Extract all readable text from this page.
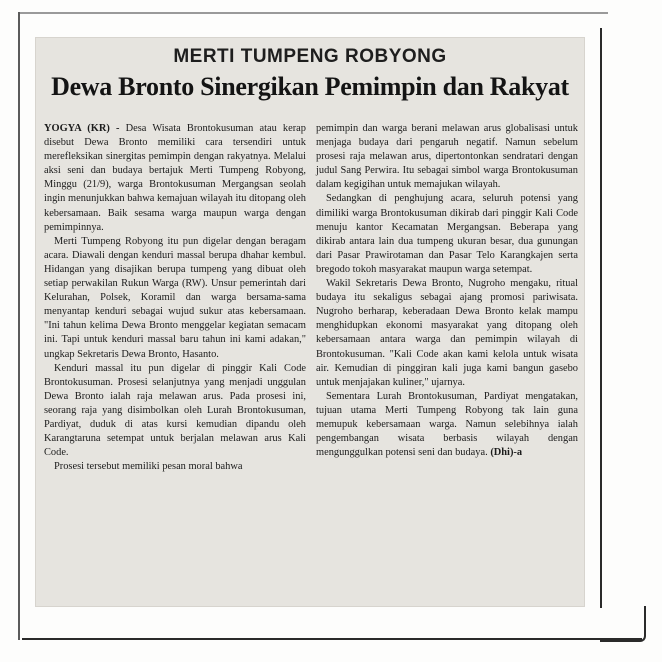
MERTI TUMPENG ROBYONG
Dewa Bronto Sinergikan Pemimpin dan Rakyat

YOGYA (KR) - Desa Wisata Brontokusuman atau kerap disebut Dewa Bronto memiliki cara tersendiri untuk merefleksikan sinergitas pemimpin dengan rakyatnya. Melalui aksi seni dan budaya bertajuk Merti Tumpeng Robyong, Minggu (21/9), warga Brontokusuman Mergangsan seolah ingin menunjukkan bahwa kemajuan wilayah itu ditopang oleh kebersamaan. Baik sesama warga maupun warga dengan pemimpinnya.

Merti Tumpeng Robyong itu pun digelar dengan beragam acara. Diawali dengan kenduri massal berupa dhahar kembul. Hidangan yang disajikan berupa tumpeng yang dibuat oleh setiap perwakilan Rukun Warga (RW). Unsur pemerintah dari Kelurahan, Polsek, Koramil dan warga bersama-sama menyantap kenduri sebagai wujud sukur atas kebersamaan. "Ini tahun kelima Dewa Bronto menggelar kegiatan semacam ini. Tapi untuk kenduri massal baru tahun ini kami adakan," ungkap Sekretaris Dewa Bronto, Hasanto.

Kenduri massal itu pun digelar di pinggir Kali Code Brontokusuman. Prosesi selanjutnya yang menjadi unggulan Dewa Bronto ialah raja melawan arus. Pada prosesi ini, seorang raja yang disimbolkan oleh Lurah Brontokusuman, Pardiyat, duduk di atas kursi kemudian dipandu oleh Karangtaruna setempat untuk berjalan melawan arus Kali Code.

Prosesi tersebut memiliki pesan moral bahwa

pemimpin dan warga berani melawan arus globalisasi untuk menjaga budaya dari pengaruh negatif. Namun sebelum prosesi raja melawan arus, dipertontonkan sendratari dengan judul Sang Perwira. Itu sebagai simbol warga Brontokusuman dalam kegigihan untuk memajukan wilayah.

Sedangkan di penghujung acara, seluruh potensi yang dimiliki warga Brontokusuman dikirab dari pinggir Kali Code menuju kantor Kecamatan Mergangsan. Beberapa yang dikirab antara lain dua tumpeng ukuran besar, dua gunungan dari Pasar Prawirotaman dan Pasar Telo Karangkajen serta bregodo tokoh masyarakat maupun warga setempat.

Wakil Sekretaris Dewa Bronto, Nugroho mengaku, ritual budaya itu sekaligus sebagai ajang promosi pariwisata. Nugroho berharap, keberadaan Dewa Bronto kelak mampu menghidupkan ekonomi masyarakat yang ditopang oleh kebersamaan antara warga dan pemimpin wilayah di Brontokusuman. "Kali Code akan kami kelola untuk wisata air. Kemudian di pinggiran kali juga kami bangun gasebo untuk menjajakan kuliner," ujarnya.

Sementara Lurah Brontokusuman, Pardiyat mengatakan, tujuan utama Merti Tumpeng Robyong tak lain guna memupuk kebersamaan warga. Namun selebihnya ialah pengembangan wisata berbasis wilayah dengan mengunggulkan potensi seni dan budaya. (Dhi)-a
